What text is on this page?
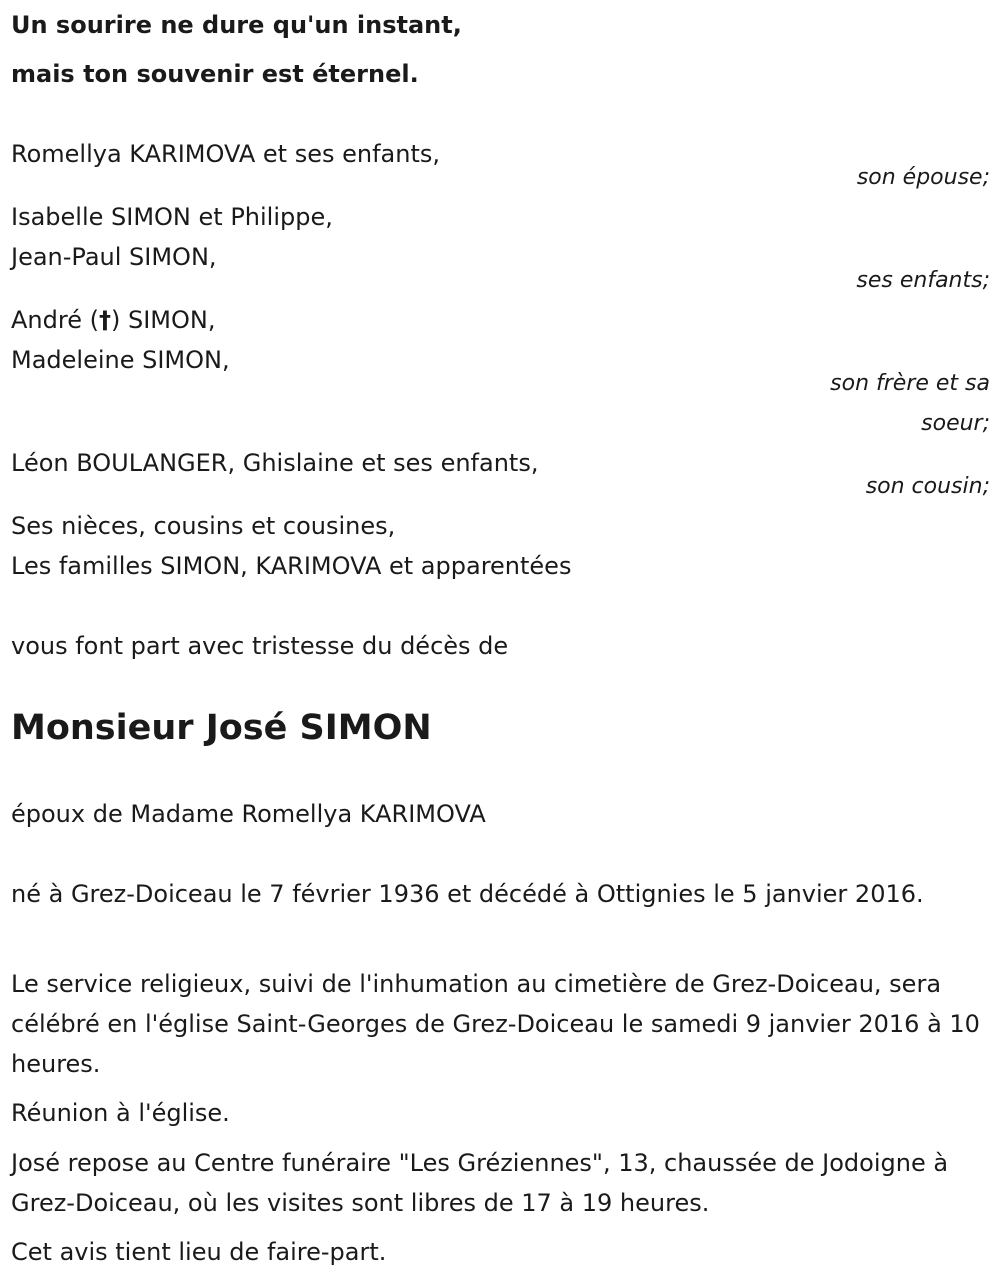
Un sourire ne dure qu'un instant,
mais ton souvenir est éternel.
Romellya KARIMOVA et ses enfants,
son épouse;
Isabelle SIMON et Philippe,
Jean-Paul SIMON,
ses enfants;
André (†) SIMON,
Madeleine SIMON,
son frère et sa soeur;
Léon BOULANGER, Ghislaine et ses enfants,
son cousin;
Ses nièces, cousins et cousines,
Les familles SIMON, KARIMOVA et apparentées
vous font part avec tristesse du décès de
Monsieur José SIMON
époux de Madame Romellya KARIMOVA
né à Grez-Doiceau le 7 février 1936 et décédé à Ottignies le 5 janvier 2016.
Le service religieux, suivi de l'inhumation au cimetière de Grez-Doiceau, sera célébré en l'église Saint-Georges de Grez-Doiceau le samedi 9 janvier 2016 à 10 heures.
Réunion à l'église.
José repose au Centre funéraire "Les Gréziennes", 13, chaussée de Jodoigne à Grez-Doiceau, où les visites sont libres de 17 à 19 heures.
Cet avis tient lieu de faire-part.
